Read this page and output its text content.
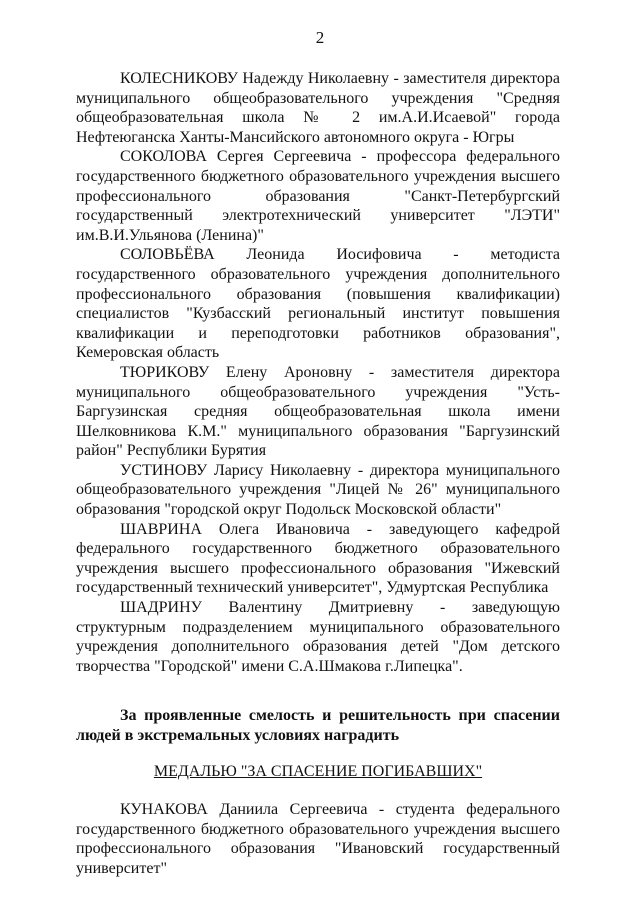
2

КОЛЕСНИКОВУ Надежду Николаевну - заместителя директора муниципального общеобразовательного учреждения "Средняя общеобразовательная школа № 2 им.А.И.Исаевой" города Нефтеюганска Ханты-Мансийского автономного округа - Югры

СОКОЛОВА Сергея Сергеевича - профессора федерального государственного бюджетного образовательного учреждения высшего профессионального образования "Санкт-Петербургский государственный электротехнический университет "ЛЭТИ" им.В.И.Ульянова (Ленина)"

СОЛОВЬЁВА Леонида Иосифовича - методиста государственного образовательного учреждения дополнительного профессионального образования (повышения квалификации) специалистов "Кузбасский региональный институт повышения квалификации и переподготовки работников образования", Кемеровская область

ТЮРИКОВУ Елену Ароновну - заместителя директора муниципального общеобразовательного учреждения "Усть-Баргузинская средняя общеобразовательная школа имени Шелковникова К.М." муниципального образования "Баргузинский район" Республики Бурятия

УСТИНОВУ Ларису Николаевну - директора муниципального общеобразовательного учреждения "Лицей № 26" муниципального образования "городской округ Подольск Московской области"

ШАВРИНА Олега Ивановича - заведующего кафедрой федерального государственного бюджетного образовательного учреждения высшего профессионального образования "Ижевский государственный технический университет", Удмуртская Республика

ШАДРИНУ Валентину Дмитриевну - заведующую структурным подразделением муниципального образовательного учреждения дополнительного образования детей "Дом детского творчества "Городской" имени С.А.Шмакова г.Липецка".

За проявленные смелость и решительность при спасении людей в экстремальных условиях наградить

МЕДАЛЬЮ "ЗА СПАСЕНИЕ ПОГИБАВШИХ"

КУНАКОВА Даниила Сергеевича - студента федерального государственного бюджетного образовательного учреждения высшего профессионального образования "Ивановский государственный университет"
